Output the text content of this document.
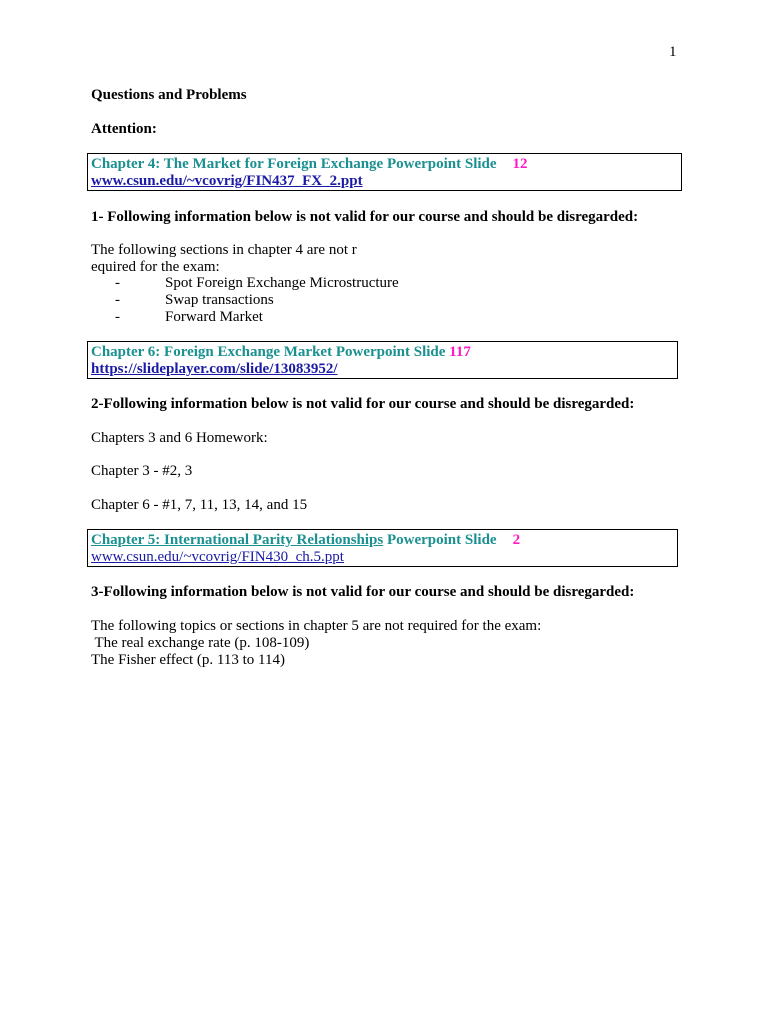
1
Questions and Problems
Attention:
Chapter 4: The Market for Foreign Exchange Powerpoint Slide 12
www.csun.edu/~vcovrig/FIN437_FX_2.ppt
1- Following information below is not valid for our course and should be disregarded:
The following sections in chapter 4 are not r
equired for the exam:
-	Spot Foreign Exchange Microstructure
-	Swap transactions
-	Forward Market
Chapter 6: Foreign Exchange Market Powerpoint Slide 117
https://slideplayer.com/slide/13083952/
2-Following information below is not valid for our course and should be disregarded:
Chapters 3 and 6 Homework:
Chapter 3 - #2, 3
Chapter 6 - #1, 7, 11, 13, 14, and 15
Chapter 5: International Parity Relationships Powerpoint Slide 2
www.csun.edu/~vcovrig/FIN430_ch.5.ppt
3-Following information below is not valid for our course and should be disregarded:
The following topics or sections in chapter 5 are not required for the exam:
The real exchange rate (p. 108-109)
The Fisher effect (p. 113 to 114)
